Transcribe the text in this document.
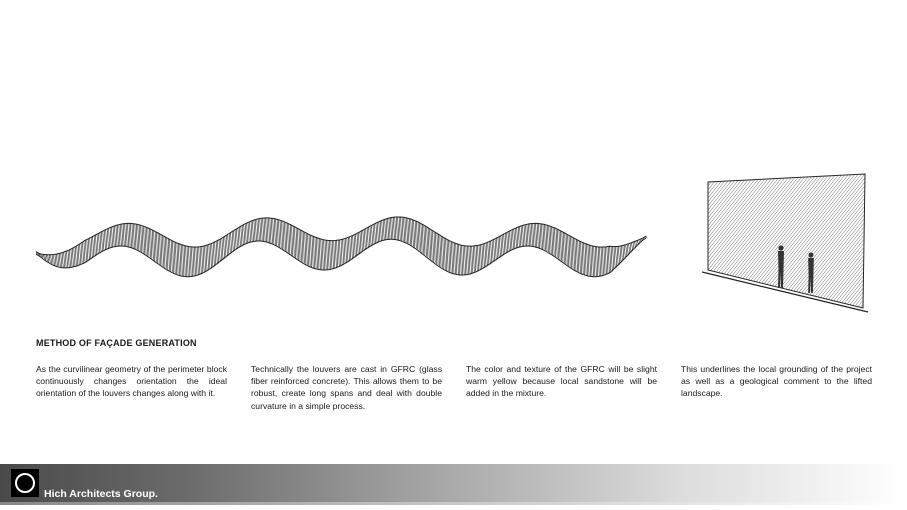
METHOD OF FAÇADE GENERATION
As the curvilinear geometry of the perimeter block continuously changes orientation the ideal orientation of the louvers changes along with it.
Technically the louvers are cast in GFRC (glass fiber reinforced concrete). This allows them to be robust, create long spans and deal with double curvature in a simple process.
The color and texture of the GFRC will be slight warm yellow because local sandstone will be added in the mixture.
This underlines the local grounding of the project as well as a geological comment to the lifted landscape.
Hich Architects Group.
